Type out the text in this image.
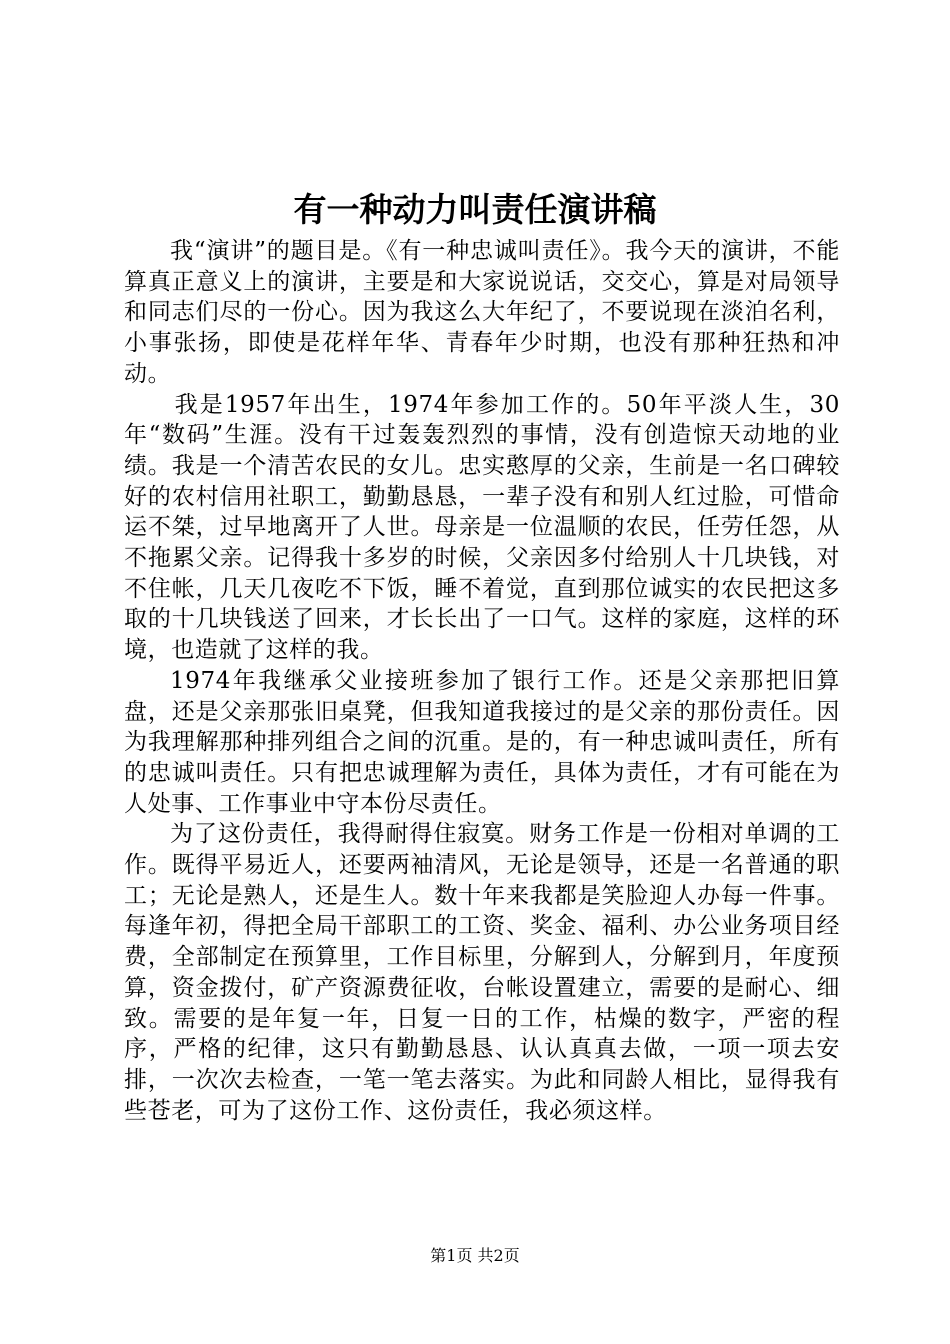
有一种动力叫责任演讲稿

我“演讲”的题目是。《有一种忠诚叫责任》。我今天的演讲，不能算真正意义上的演讲，主要是和大家说说话，交交心，算是对局领导和同志们尽的一份心。因为我这么大年纪了，不要说现在淡泊名利，小事张扬，即使是花样年华、青春年少时期，也没有那种狂热和冲动。

我是1957年出生，1974年参加工作的。50年平淡人生，30年“数码”生涯。没有干过轰轰烈烈的事情，没有创造惊天动地的业绩。我是一个清苦农民的女儿。忠实憨厚的父亲，生前是一名口碑较好的农村信用社职工，勤勤恳恳，一辈子没有和别人红过脸，可惜命运不桀，过早地离开了人世。母亲是一位温顺的农民，任劳任怨，从不拖累父亲。记得我十多岁的时候，父亲因多付给别人十几块钱，对不住帐，几天几夜吃不下饭，睡不着觉，直到那位诚实的农民把这多取的十几块钱送了回来，才长长出了一口气。这样的家庭，这样的环境，也造就了这样的我。

1974年我继承父业接班参加了银行工作。还是父亲那把旧算盘，还是父亲那张旧桌凳，但我知道我接过的是父亲的那份责任。因为我理解那种排列组合之间的沉重。是的，有一种忠诚叫责任，所有的忠诚叫责任。只有把忠诚理解为责任，具体为责任，才有可能在为人处事、工作事业中守本份尽责任。

为了这份责任，我得耐得住寂寞。财务工作是一份相对单调的工作。既得平易近人，还要两袖清风，无论是领导，还是一名普通的职工；无论是熟人，还是生人。数十年来我都是笑脸迎人办每一件事。每逢年初，得把全局干部职工的工资、奖金、福利、办公业务项目经费，全部制定在预算里，工作目标里，分解到人，分解到月，年度预算，资金拨付，矿产资源费征收，台帐设置建立，需要的是耐心、细致。需要的是年复一年，日复一日的工作，枯燥的数字，严密的程序，严格的纪律，这只有勤勤恳恳、认认真真去做，一项一项去安排，一次次去检查，一笔一笔去落实。为此和同龄人相比，显得我有些苍老，可为了这份工作、这份责任，我必须这样。

第1页 共2页
